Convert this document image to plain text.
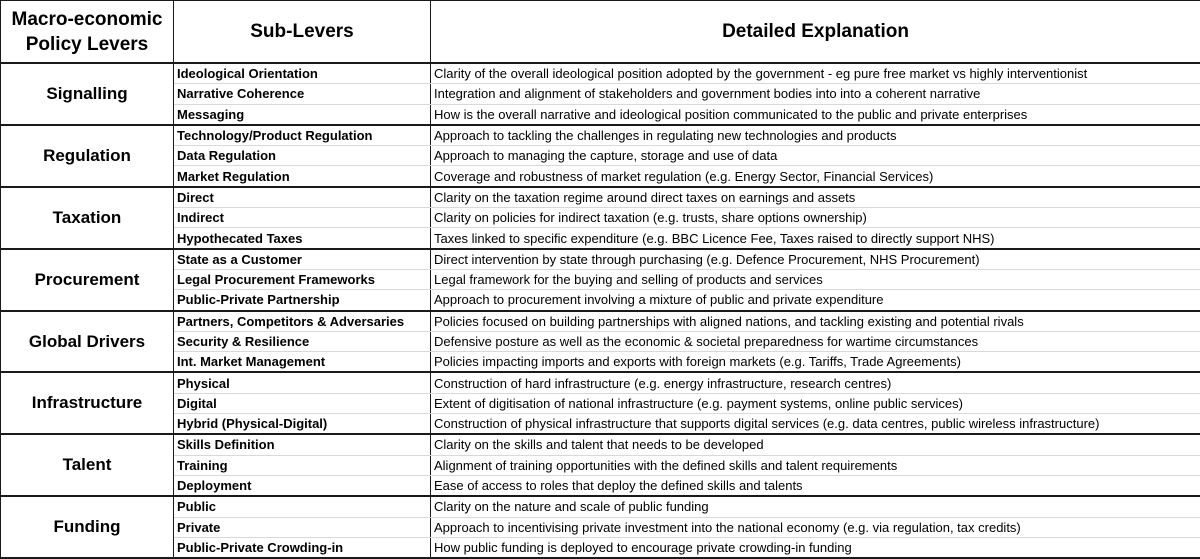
Macro-economic Policy Levers	Sub-Levers	Detailed Explanation
Signalling	Ideological Orientation	Clarity of the overall ideological position adopted by the government - eg pure free market vs highly interventionist
	Narrative Coherence	Integration and alignment of stakeholders and government bodies into into a coherent narrative
	Messaging	How is the overall narrative and ideological position communicated to the public and private enterprises
Regulation	Technology/Product Regulation	Approach to tackling the challenges in regulating new technologies and products
	Data Regulation	Approach to managing the capture, storage and use of data
	Market Regulation	Coverage and robustness of market regulation (e.g. Energy Sector, Financial Services)
Taxation	Direct	Clarity on the taxation regime around direct taxes on earnings and assets
	Indirect	Clarity on policies for indirect taxation (e.g. trusts, share options ownership)
	Hypothecated Taxes	Taxes linked to specific expenditure (e.g. BBC Licence Fee, Taxes raised to directly support NHS)
Procurement	State as a Customer	Direct intervention by state through purchasing (e.g. Defence Procurement, NHS Procurement)
	Legal Procurement Frameworks	Legal framework for the buying and selling of products and services
	Public-Private Partnership	Approach to procurement involving a mixture of public and private expenditure
Global Drivers	Partners, Competitors & Adversaries	Policies focused on building partnerships with aligned nations, and tackling existing and potential rivals
	Security & Resilience	Defensive posture as well as the economic & societal preparedness for wartime circumstances
	Int. Market Management	Policies impacting imports and exports with foreign markets (e.g. Tariffs, Trade Agreements)
Infrastructure	Physical	Construction of hard infrastructure (e.g. energy infrastructure, research centres)
	Digital	Extent of digitisation of national infrastructure (e.g. payment systems, online public services)
	Hybrid (Physical-Digital)	Construction of physical infrastructure that supports digital services (e.g. data centres, public wireless infrastructure)
Talent	Skills Definition	Clarity on the skills and talent that needs to be developed
	Training	Alignment of training opportunities with the defined skills and talent requirements
	Deployment	Ease of access to roles that deploy the defined skills and talents
Funding	Public	Clarity on the nature and scale of public funding
	Private	Approach to incentivising private investment into the national economy (e.g. via regulation, tax credits)
	Public-Private Crowding-in	How public funding is deployed to encourage private crowding-in funding
